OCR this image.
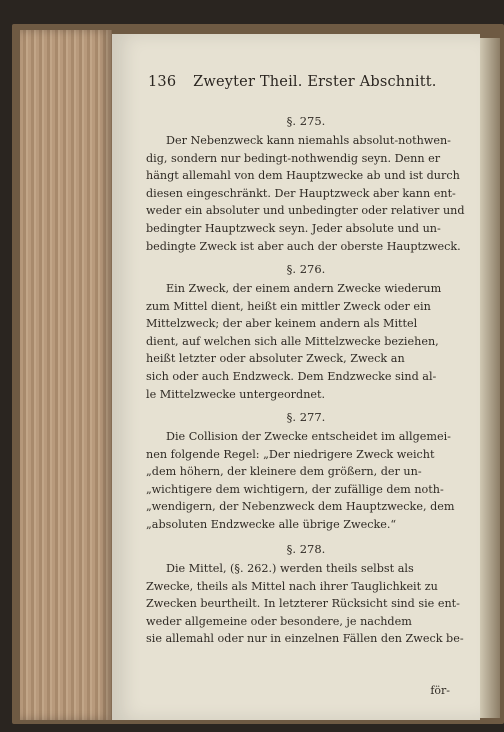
136 Zweyter Theil. Erster Abschnitt.
§. 275.
Der Nebenzweck kann niemahls absolut-nothwen-
dig, sondern nur bedingt-nothwendig seyn. Denn er
hängt allemahl von dem Hauptzwecke ab und ist durch
diesen eingeschränkt. Der Hauptzweck aber kann ent-
weder ein absoluter und unbedingter oder relativer und
bedingter Hauptzweck seyn. Jeder absolute und un-
bedingte Zweck ist aber auch der oberste Hauptzweck.
§. 276.
Ein Zweck, der einem andern Zwecke wiederum
zum Mittel dient, heißt ein mittler Zweck oder ein
Mittelzweck; der aber keinem andern als Mittel
dient, auf welchen sich alle Mittelzwecke beziehen,
heißt letzter oder absoluter Zweck, Zweck an
sich oder auch Endzweck. Dem Endzwecke sind al-
le Mittelzwecke untergeordnet.
§. 277.
Die Collision der Zwecke entscheidet im allgemei-
nen folgende Regel: „Der niedrigere Zweck weicht
„dem höhern, der kleinere dem größern, der un-
„wichtigere dem wichtigern, der zufällige dem noth-
„wendigern, der Nebenzweck dem Hauptzwecke, dem
„absoluten Endzwecke alle übrige Zwecke.“
§. 278.
Die Mittel, (§. 262.) werden theils selbst als
Zwecke, theils als Mittel nach ihrer Tauglichkeit zu
Zwecken beurtheilt. In letzterer Rücksicht sind sie ent-
weder allgemeine oder besondere, je nachdem
sie allemahl oder nur in einzelnen Fällen den Zweck be-
för-
